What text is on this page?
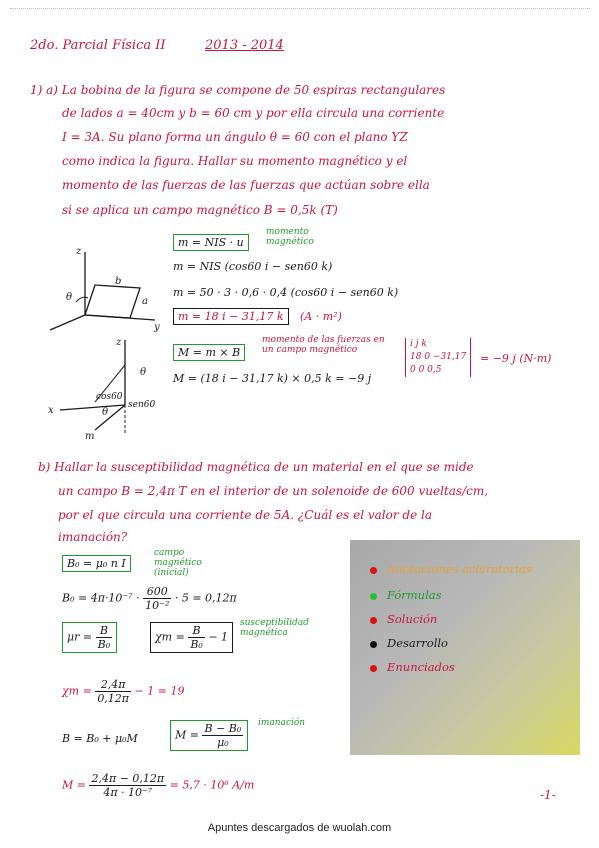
2do. Parcial Física II	2013 - 2014
1) a) La bobina de la figura se compone de 50 espiras rectangulares
de lados a = 40cm y b = 60 cm y por ella circula una corriente
I = 3A. Su plano forma un ángulo θ = 60 con el plano YZ
como indica la figura. Hallar su momento magnético y el
momento de las fuerzas de las fuerzas que actúan sobre ella
si se aplica un campo magnético B = 0,5k (T)
z
y
θ
b
a
z
x
cos60
sen60
θ
m
θ
m = NIS · u
momento magnético
m = NIS (cos60 i − sen60 k)
m = 50 · 3 · 0,6 · 0,4 (cos60 i − sen60 k)
m = 18 i − 31,17 k	(A · m²)
M = m × B
momento de las fuerzas en un campo magnético
M = (18 i − 31,17 k) × 0,5 k = −9 j
i j k
18 0 −31,17
0 0 0,5
= −9 j (N·m)
b) Hallar la susceptibilidad magnética de un material en el que se mide
un campo B = 2,4π T en el interior de un solenoide de 600 vueltas/cm,
por el que circula una corriente de 5A. ¿Cuál es el valor de la
imanación?
B₀ = μ₀ n I
campo magnético (inicial)
$B_0 = 4\pi\cdot 10^{-7} \cdot \frac{600}{\text{10⁻²}} \cdot 5 = 0,12\pi$
$\mu r = \frac{B}{\text{B₀}}$	$\chi m = \frac{B}{\text{B₀}} - 1$
susceptibilidad magnética
$\chi m = \frac{2,4\pi}{0,12\pi} - 1 = 19$
B = B₀ + μ₀M	$M = \frac{\text{B − B₀}}{\text{μ₀}}$ imanación
$M = \frac{2,4\pi - 0,12\pi}{\text{4π · 10⁻⁷}} = 5,7 \cdot 10^6$ A/m
Anotaciones aclaratorias
Fórmulas
Solución
Desarrollo
Enunciados
-1-
Apuntes descargados de wuolah.com
